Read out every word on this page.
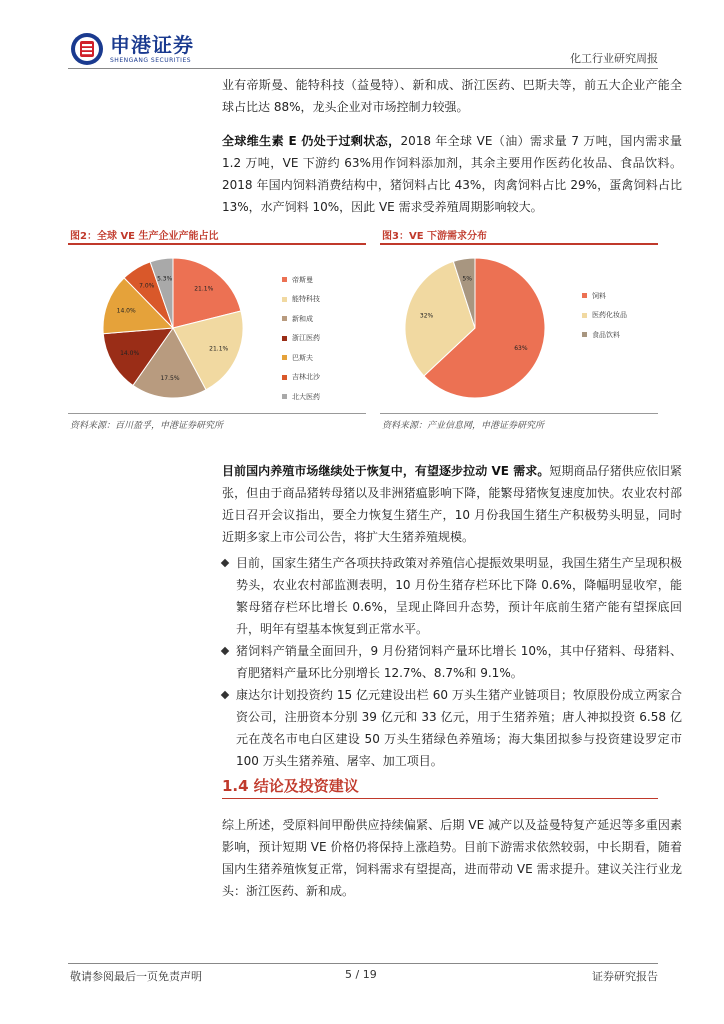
申港证券
SHENGANG SECURITIES	化工行业研究周报

业有帝斯曼、能特科技（益曼特）、新和成、浙江医药、巴斯夫等，前五大企业产能全球占比达 88%，龙头企业对市场控制力较强。

全球维生素 E 仍处于过剩状态，2018 年全球 VE（油）需求量 7 万吨，国内需求量 1.2 万吨，VE 下游约 63%用作饲料添加剂，其余主要用作医药化妆品、食品饮料。2018 年国内饲料消费结构中，猪饲料占比 43%，肉禽饲料占比 29%，蛋禽饲料占比 13%，水产饲料 10%，因此 VE 需求受养殖周期影响较大。

图2：全球 VE 生产企业产能占比
21.1%
21.1%
17.5%
14.0%
14.0%
7.0%
5.3%	帝斯曼
能特科技
新和成
浙江医药
巴斯夫
吉林北沙
北大医药
资料来源：百川盈孚，申港证券研究所
图3：VE 下游需求分布
63%
32%
5%
饲料
医药化妆品
食品饮料
资料来源：产业信息网，申港证券研究所

目前国内养殖市场继续处于恢复中，有望逐步拉动 VE 需求。短期商品仔猪供应依旧紧张，但由于商品猪转母猪以及非洲猪瘟影响下降，能繁母猪恢复速度加快。农业农村部近日召开会议指出，要全力恢复生猪生产，10 月份我国生猪生产积极势头明显，同时近期多家上市公司公告，将扩大生猪养殖规模。

目前，国家生猪生产各项扶持政策对养殖信心提振效果明显，我国生猪生产呈现积极势头，农业农村部监测表明，10 月份生猪存栏环比下降 0.6%，降幅明显收窄，能繁母猪存栏环比增长 0.6%，呈现止降回升态势，预计年底前生猪产能有望探底回升，明年有望基本恢复到正常水平。
猪饲料产销量全面回升，9 月份猪饲料产量环比增长 10%，其中仔猪料、母猪料、育肥猪料产量环比分别增长 12.7%、8.7%和 9.1%。
康达尔计划投资约 15 亿元建设出栏 60 万头生猪产业链项目；牧原股份成立两家合资公司，注册资本分别 39 亿元和 33 亿元，用于生猪养殖；唐人神拟投资 6.58 亿元在茂名市电白区建设 50 万头生猪绿色养殖场；海大集团拟参与投资建设罗定市 100 万头生猪养殖、屠宰、加工项目。
1.4 结论及投资建议

综上所述，受原料间甲酚供应持续偏紧、后期 VE 减产以及益曼特复产延迟等多重因素影响，预计短期 VE 价格仍将保持上涨趋势。目前下游需求依然较弱，中长期看，随着国内生猪养殖恢复正常，饲料需求有望提高，进而带动 VE 需求提升。建议关注行业龙头：浙江医药、新和成。

敬请参阅最后一页免责声明	5 / 19	证券研究报告
